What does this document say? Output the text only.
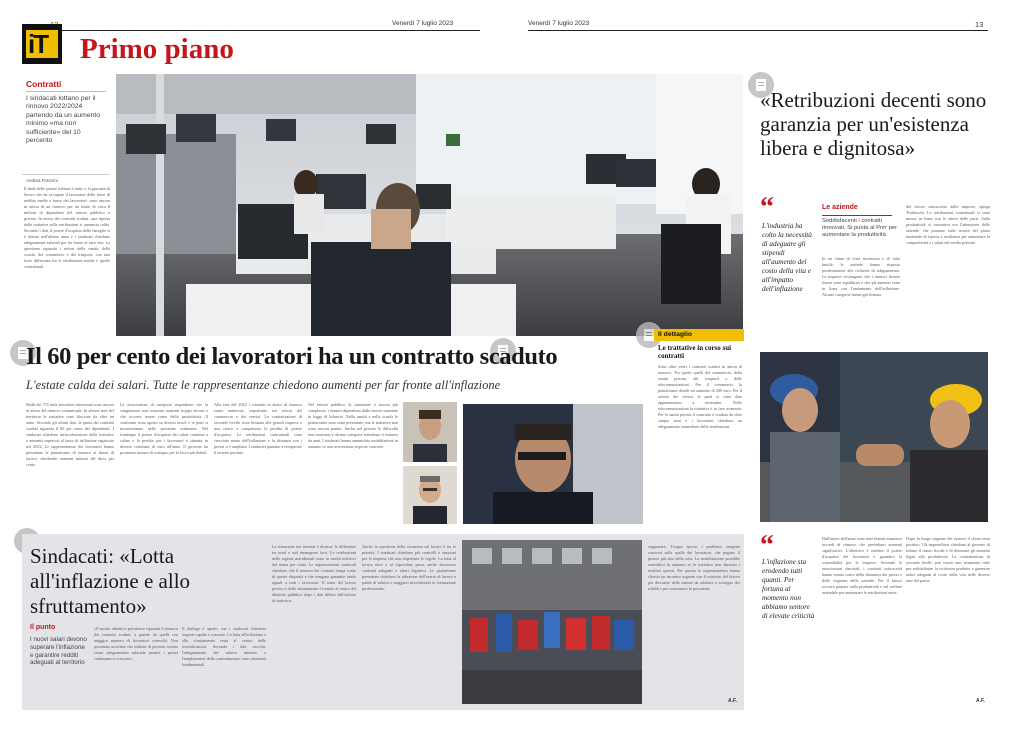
Venerdì 7 luglio 2023	Venerdì 7 luglio 2023	13
iT Primo piano
Contratti
I sindacati lottano per il rinnovo 2022/2024 partendo da un aumento minimo «ma non sufficiente» del 10 percento
Andrea Franzini
Il dado delle piazze italiane è tratto e la giornata di lavoro che ha occupato il lavoratori delle fasce di reddito medie e basse dei lavoratori: sono ancora in attesa di un rinnovo per un totale di circa 8 milioni di dipendenti del settore pubblico e privato. In attesa dei contratti scaduti, una ripresa delle trattative sulle retribuzioni si annuncia calda. Secondo i dati, il potere d'acquisto delle famiglie si è ridotto nell'ultimo anno e i sindacati chiedono adeguamenti salariali per far fronte al caro vita. La questione riguarda i settori della sanità, della scuola, del commercio e dei trasporti, con una forte differenza tra le retribuzioni medie e quelle contrattuali.
Il 60 per cento dei lavoratori ha un contratto scaduto
L'estate calda dei salari. Tutte le rappresentanze chiedono aumenti per far fronte all'inflazione
Molti dei 755 mila lavoratori interessati sono ancora in attesa del rinnovo contrattuale. In alcune aree del territorio le trattative sono bloccate da oltre un anno. Secondo gli ultimi dati, la quota dei contratti scaduti riguarda il 60 per cento dei dipendenti. I sindacati chiedono un'accelerazione delle trattative e aumenti superiori al tasso di inflazione registrato nel 2022. Le rappresentanze dei lavoratori hanno presentato le piattaforme di rinnovo ai datori di lavoro, chiedendo aumenti minimi del dieci per cento.
Le associazioni di categoria rispondono che la congiuntura non consente aumenti troppo elevati e che occorre tenere conto della produttività. Il confronto resta aperto su diversi tavoli e le parti si incontreranno nelle prossime settimane. Nel frattempo il potere d'acquisto dei salari continua a calare e la perdita per i lavoratori è stimata in diverse centinaia di euro all'anno. Il governo ha promesso misure di sostegno per le fasce più deboli.
Alla fine del 2022 i contratti in attesa di rinnovo erano numerosi, soprattutto nei settori del commercio e dei servizi. La contrattazione di secondo livello resta limitata alle grandi imprese e non riesce a compensare la perdita di potere d'acquisto. Le retribuzioni contrattuali sono cresciute meno dell'inflazione e la distanza con i prezzi si è ampliata. I sindacati puntano a recuperare il terreno perduto.
Nel settore pubblico la situazione è ancora più complessa: i rinnovi dipendono dalle risorse stanziate in legge di bilancio. Nella sanità e nella scuola le piattaforme sono state presentate, ma le trattative non sono ancora partite. Anche nel privato le difficoltà non mancano e alcune categorie attendono il rinnovo da anni. I sindacati hanno annunciato mobilitazioni in autunno se non arriveranno risposte concrete.
Il dettaglio
Le trattative in corso sui contratti
Sono oltre venti i contratti scaduti in attesa di rinnovo. Tra questi quelli del commercio, della sanità privata, dei trasporti e delle telecomunicazioni. Per il commercio la piattaforma chiede un aumento di 200 euro. Per il settore dei servizi le parti si sono date appuntamento a settembre. Nelle telecomunicazioni la trattativa è in fase avanzata. Per la sanità privata il contratto è scaduto da oltre cinque anni e i lavoratori chiedono un adeguamento immediato delle retribuzioni.
«Retribuzioni decenti sono garanzia per un'esistenza libera e dignitosa»
“
L'industria ha colto la necessità di adeguare gli stipendi all'aumento del costo della vita e all'impatto dell'inflazione
Le aziende
Soddisfacenti i contratti rinnovati. Si punta al Pnrr per aumentare la produttività
In un clima di forte incertezza e di fatto inutile, le aziende hanno risposto positivamente alle richieste di adeguamento. Le imprese sostengono che i rinnovi firmati finora sono equilibrati e che gli aumenti sono in linea con l'andamento dell'inflazione. Alcune categorie hanno già firmato.
del lavoro sottoscritto dalle imprese, spiega Tiraboschi. Le retribuzioni contrattuali si sono mosse in linea con le attese delle parti. Sulla produttività si concentra ora l'attenzione delle aziende, che puntano sulle risorse del piano nazionale di ripresa e resilienza per aumentare la competitività e i salari nel medio periodo.
“
L'inflazione sta erodendo tutti quanti. Per fortuna al momento non abbiamo sentore di elevate criticità
Dall'inizio dell'anno sono stati firmati numerosi accordi di rinnovo che prevedono aumenti significativi. L'obiettivo è tutelare il potere d'acquisto dei lavoratori e garantire la sostenibilità per le imprese. Secondo le associazioni datoriali, i contratti sottoscritti hanno tenuto conto della dinamica dei prezzi e delle esigenze delle aziende. Per il futuro occorre puntare sulla produttività e sul welfare aziendale per aumentare le retribuzioni nette.
Dopo la lunga stagione dei rinnovi il clima resta positivo. Gli imprenditori chiedono al governo di ridurre il cuneo fiscale e di detassare gli aumenti legati alla produttività. La contrattazione di secondo livello può essere uno strumento utile per redistribuire la ricchezza prodotta e garantire salari adeguati al costo della vita nelle diverse aree del paese.
A.F.
Sindacati: «Lotta all'inflazione e allo sfruttamento»
Il punto
I nuovi salari devono superare l'inflazione e garantire redditi adeguati al territorio
«Il nostro obiettivo prioritario riguarda il rinnovo dei contratti scaduti, a partire da quelli con maggior numero di lavoratori coinvolti. Non possiamo accettare che milioni di persone restino senza adeguamento salariale mentre i prezzi continuano a crescere».
Il dialogo è aperto, ma i sindacati chiedono risposte rapide e concrete. La lotta all'inflazione e allo sfruttamento resta al centro delle rivendicazioni. Secondo i dati raccolti, l'adeguamento del salario minimo e l'ampliamento della contrattazione sono strumenti fondamentali.
La situazione nei territori è diversa: le differenze tra nord e sud rimangono forti. Le retribuzioni nelle regioni meridionali sono in media inferiori del trenta per cento. Le organizzazioni sindacali chiedono che il rinnovo dei contratti tenga conto di queste disparità e che vengano garantite tutele uguali a tutti i lavoratori. Il tema del lavoro povero e dello sfruttamento è tornato al centro del dibattito pubblico dopo i dati diffusi dall'istituto di statistica.
Anche la questione della sicurezza sul lavoro è tra le priorità. I sindacati chiedono più controlli e sanzioni per le imprese che non rispettano le regole. La lotta al lavoro nero e al caporalato passa anche attraverso contratti adeguati e salari dignitosi. Le piattaforme presentate chiedono la riduzione dell'orario di lavoro a parità di salario e maggiori investimenti in formazione professionale.
supportare. Troppo spesso i problemi vengono scaricati sulle spalle dei lavoratori, che pagano il prezzo più alto della crisi. La mobilitazione potrebbe estendersi in autunno se le trattative non daranno i risultati sperati. Per questo le organizzazioni hanno chiesto un incontro urgente con il ministro del lavoro per discutere delle misure da adottare a sostegno dei redditi e per contrastare la precarietà.
A.F.
